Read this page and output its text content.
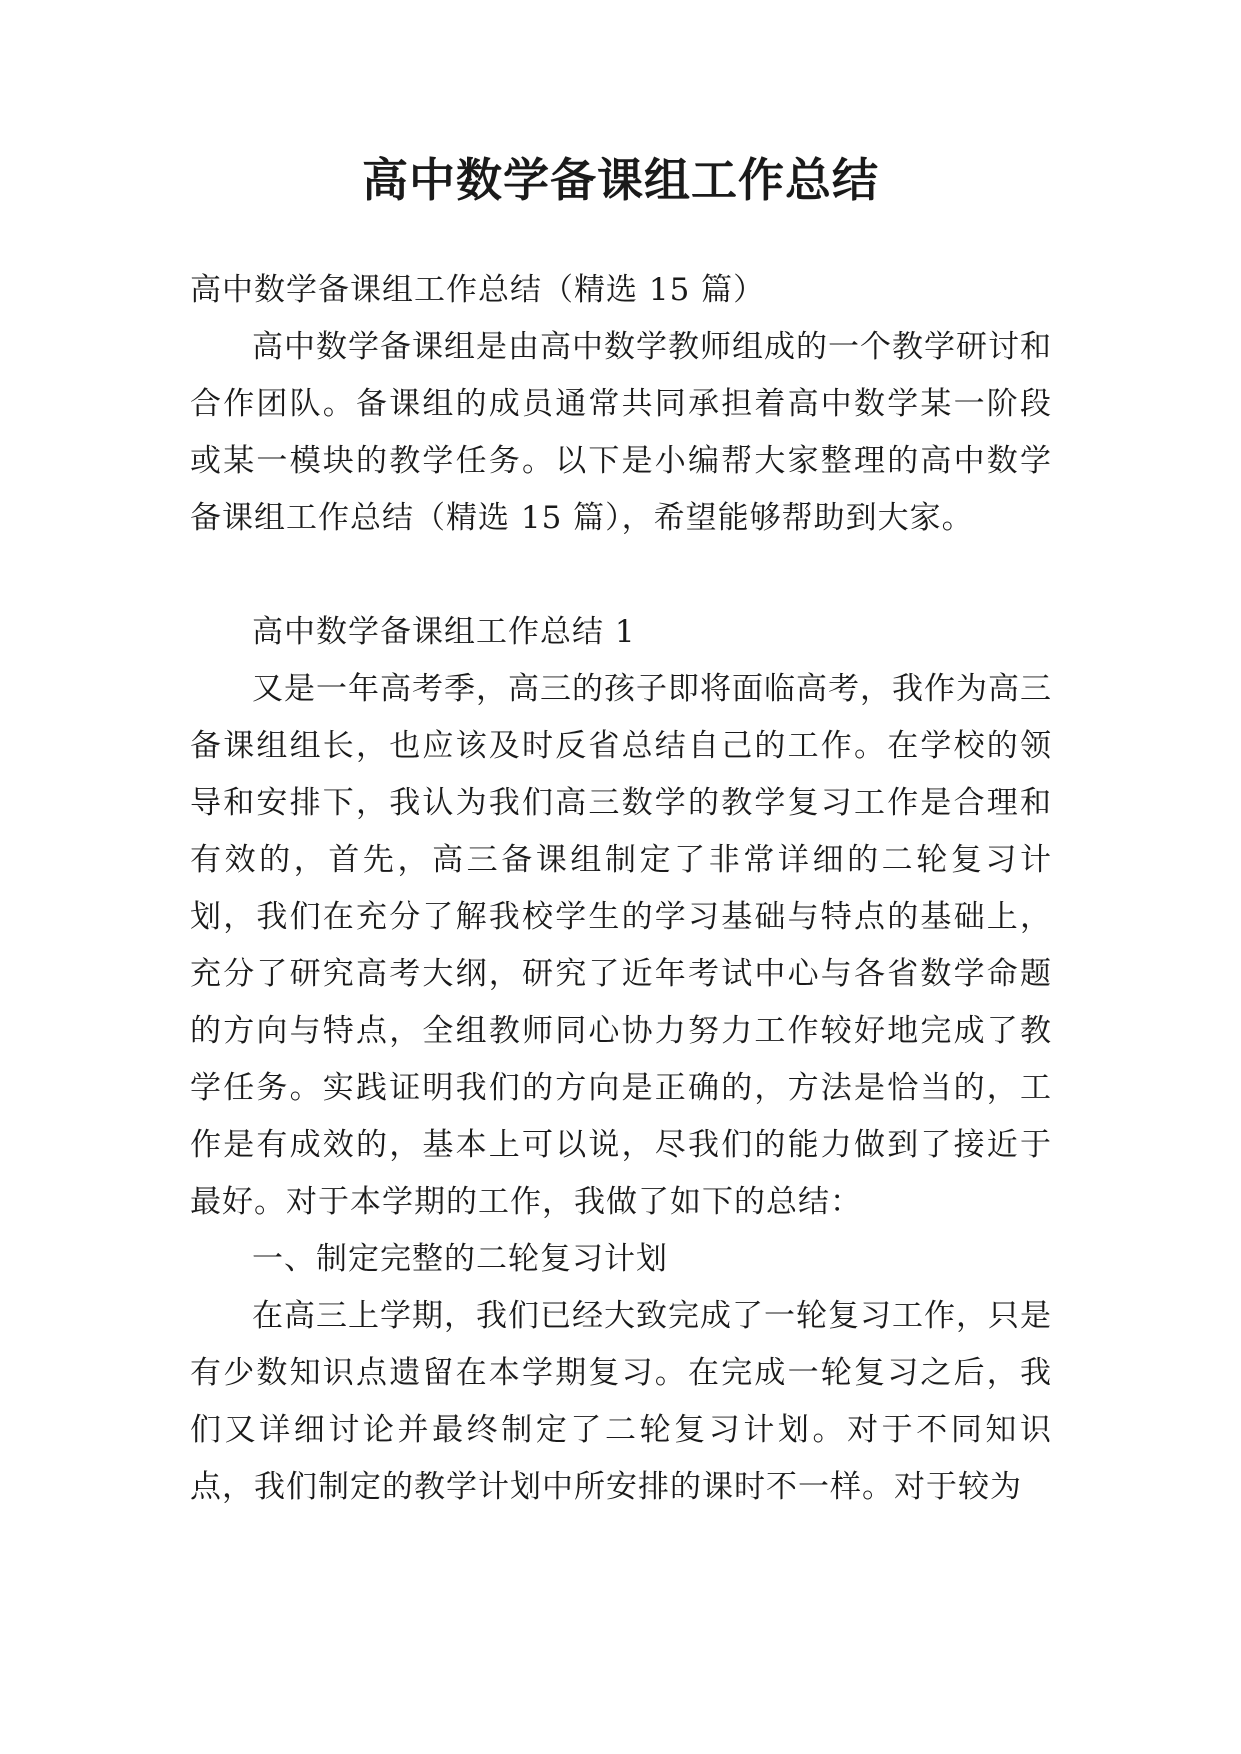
高中数学备课组工作总结

高中数学备课组工作总结（精选 15 篇）

高中数学备课组是由高中数学教师组成的一个教学研讨和合作团队。备课组的成员通常共同承担着高中数学某一阶段或某一模块的教学任务。以下是小编帮大家整理的高中数学备课组工作总结（精选 15 篇），希望能够帮助到大家。

高中数学备课组工作总结 1

又是一年高考季，高三的孩子即将面临高考，我作为高三备课组组长，也应该及时反省总结自己的工作。在学校的领导和安排下，我认为我们高三数学的教学复习工作是合理和有效的，首先，高三备课组制定了非常详细的二轮复习计划，我们在充分了解我校学生的学习基础与特点的基础上，充分了研究高考大纲，研究了近年考试中心与各省数学命题的方向与特点，全组教师同心协力努力工作较好地完成了教学任务。实践证明我们的方向是正确的，方法是恰当的，工作是有成效的，基本上可以说，尽我们的能力做到了接近于最好。对于本学期的工作，我做了如下的总结：

一、制定完整的二轮复习计划

在高三上学期，我们已经大致完成了一轮复习工作，只是有少数知识点遗留在本学期复习。在完成一轮复习之后，我们又详细讨论并最终制定了二轮复习计划。对于不同知识点，我们制定的教学计划中所安排的课时不一样。对于较为
